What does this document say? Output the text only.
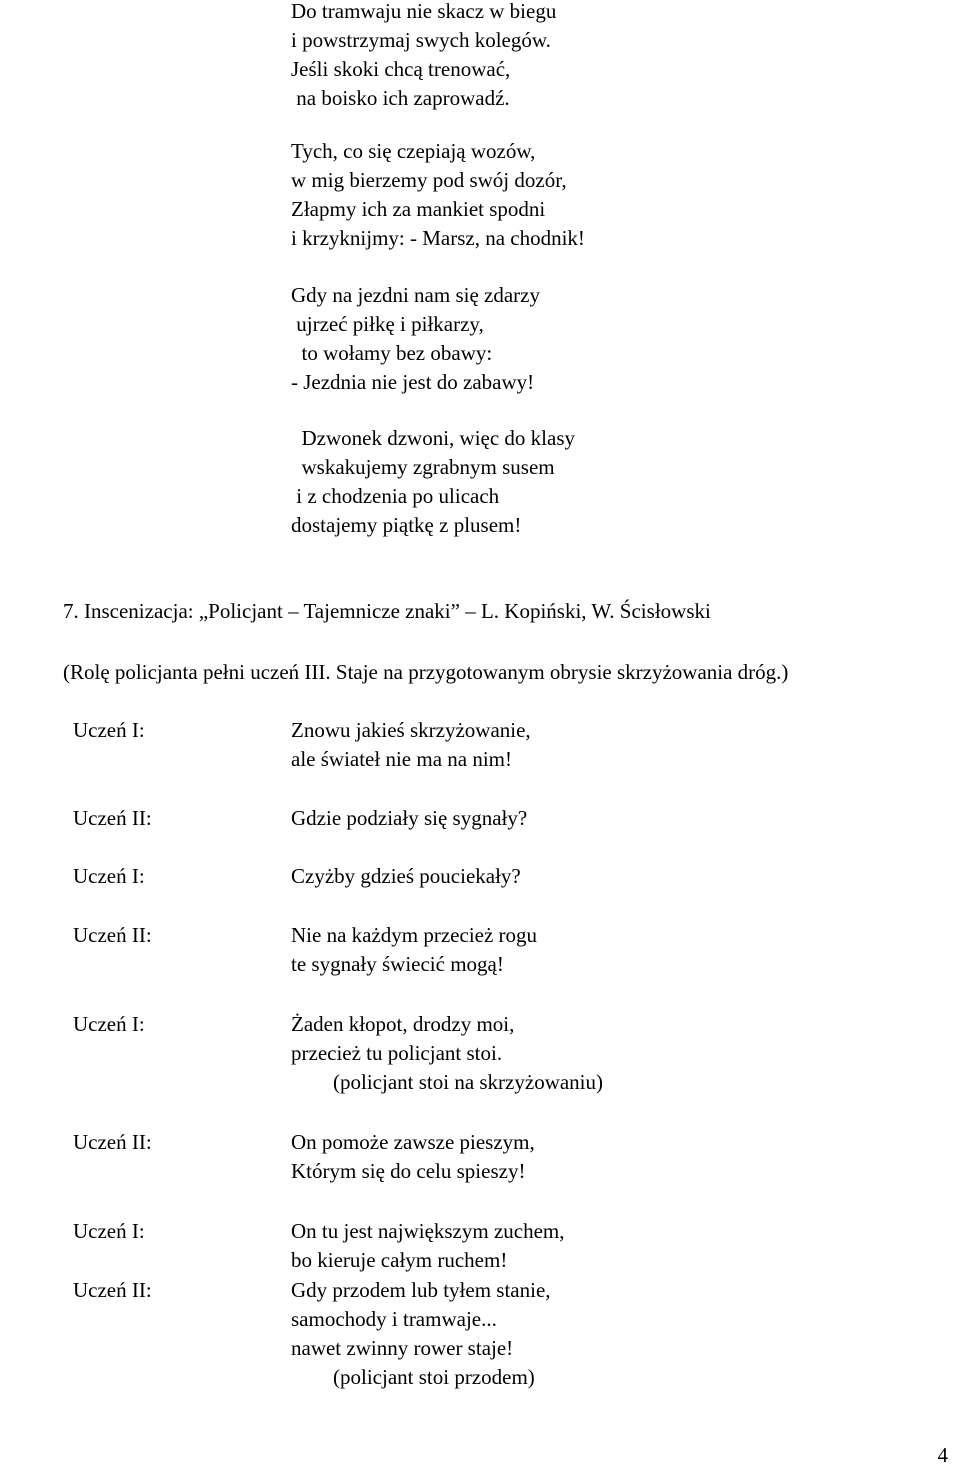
Do tramwaju nie skacz w biegu
i powstrzymaj swych kolegów.
Jeśli skoki chcą trenować,
na boisko ich zaprowadź.
Tych, co się czepiają wozów,
w mig bierzemy pod swój dozór,
Złapmy ich za mankiet spodni
i krzyknijmy: - Marsz, na chodnik!
Gdy na jezdni nam się zdarzy
ujrzeć piłkę i piłkarzy,
to wołamy bez obawy:
- Jezdnia nie jest do zabawy!
Dzwonek dzwoni, więc do klasy
wskakujemy zgrabnym susem
i z chodzenia po ulicach
dostajemy piątkę z plusem!
7. Inscenizacja: „Policjant – Tajemnicze znaki” – L. Kopiński, W. Ścisłowski
(Rolę policjanta pełni uczeń III. Staje na przygotowanym obrysie skrzyżowania dróg.)
Uczeń I:	Znowu jakieś skrzyżowanie,
ale świateł nie ma na nim!
Uczeń II:	Gdzie podziały się sygnały?
Uczeń I:	Czyżby gdzieś pouciekały?
Uczeń II:	Nie na każdym przecież rogu
te sygnały świecić mogą!
Uczeń I:	Żaden kłopot, drodzy moi,
przecież tu policjant stoi.
(policjant stoi na skrzyżowaniu)
Uczeń II:	On pomoże zawsze pieszym,
Którym się do celu spieszy!
Uczeń I:	On tu jest największym zuchem,
bo kieruje całym ruchem!
Uczeń II:	Gdy przodem lub tyłem stanie,
samochody i tramwaje...
nawet zwinny rower staje!
(policjant stoi przodem)
4
